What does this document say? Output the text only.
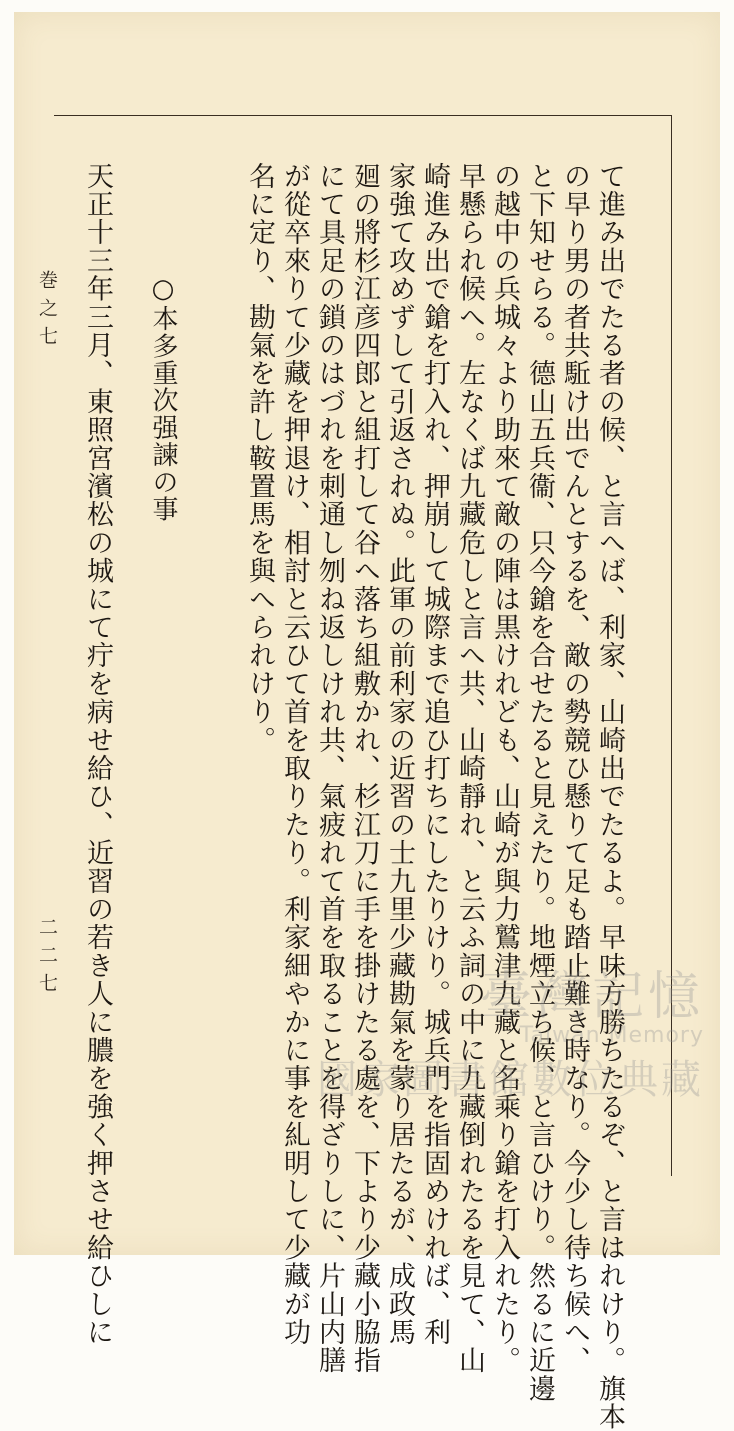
巻之七
二二七	て進み出でたる者の候、と言へば、利家、山崎出でたるよ。早味方勝ちたるぞ、と言はれけり。旗本
の早り男の者共駈け出でんとするを、敵の勢競ひ懸りて足も踏止難き時なり。今少し待ち候へ、
と下知せらる。德山五兵衞、只今鎗を合せたると見えたり。地煙立ち候、と言ひけり。然るに近邊
の越中の兵城々より助來て敵の陣は黒けれども、山崎が與力鷲津九藏と名乘り鎗を打入れたり。
早懸られ候へ。左なくば九藏危しと言へ共、山崎靜れ、と云ふ詞の中に九藏倒れたるを見て、山
崎進み出で鎗を打入れ、押崩して城際まで追ひ打ちにしたりけり。城兵門を指固めければ、利
家強て攻めずして引返されぬ。此軍の前利家の近習の士九里少藏勘氣を蒙り居たるが、成政馬
廻の將杉江彦四郎と組打して谷へ落ち組敷かれ、杉江刀に手を掛けたる處を、下より少藏小脇指
にて具足の鎖のはづれを刺通し刎ね返しけれ共、氣疲れて首を取ることを得ざりしに、片山内膳
が從卒來りて少藏を押退け、相討と云ひて首を取りたり。利家細やかに事を糺明して少藏が功
名に定り、勘氣を許し鞍置馬を與へられけり。
○本多重次强諫の事
天正十三年三月、東照宮濱松の城にて疔を病せ給ひ、近習の若き人に膿を強く押させ給ひしに	臺灣記憶
Taiwan Memory
國家圖書館數位典藏
